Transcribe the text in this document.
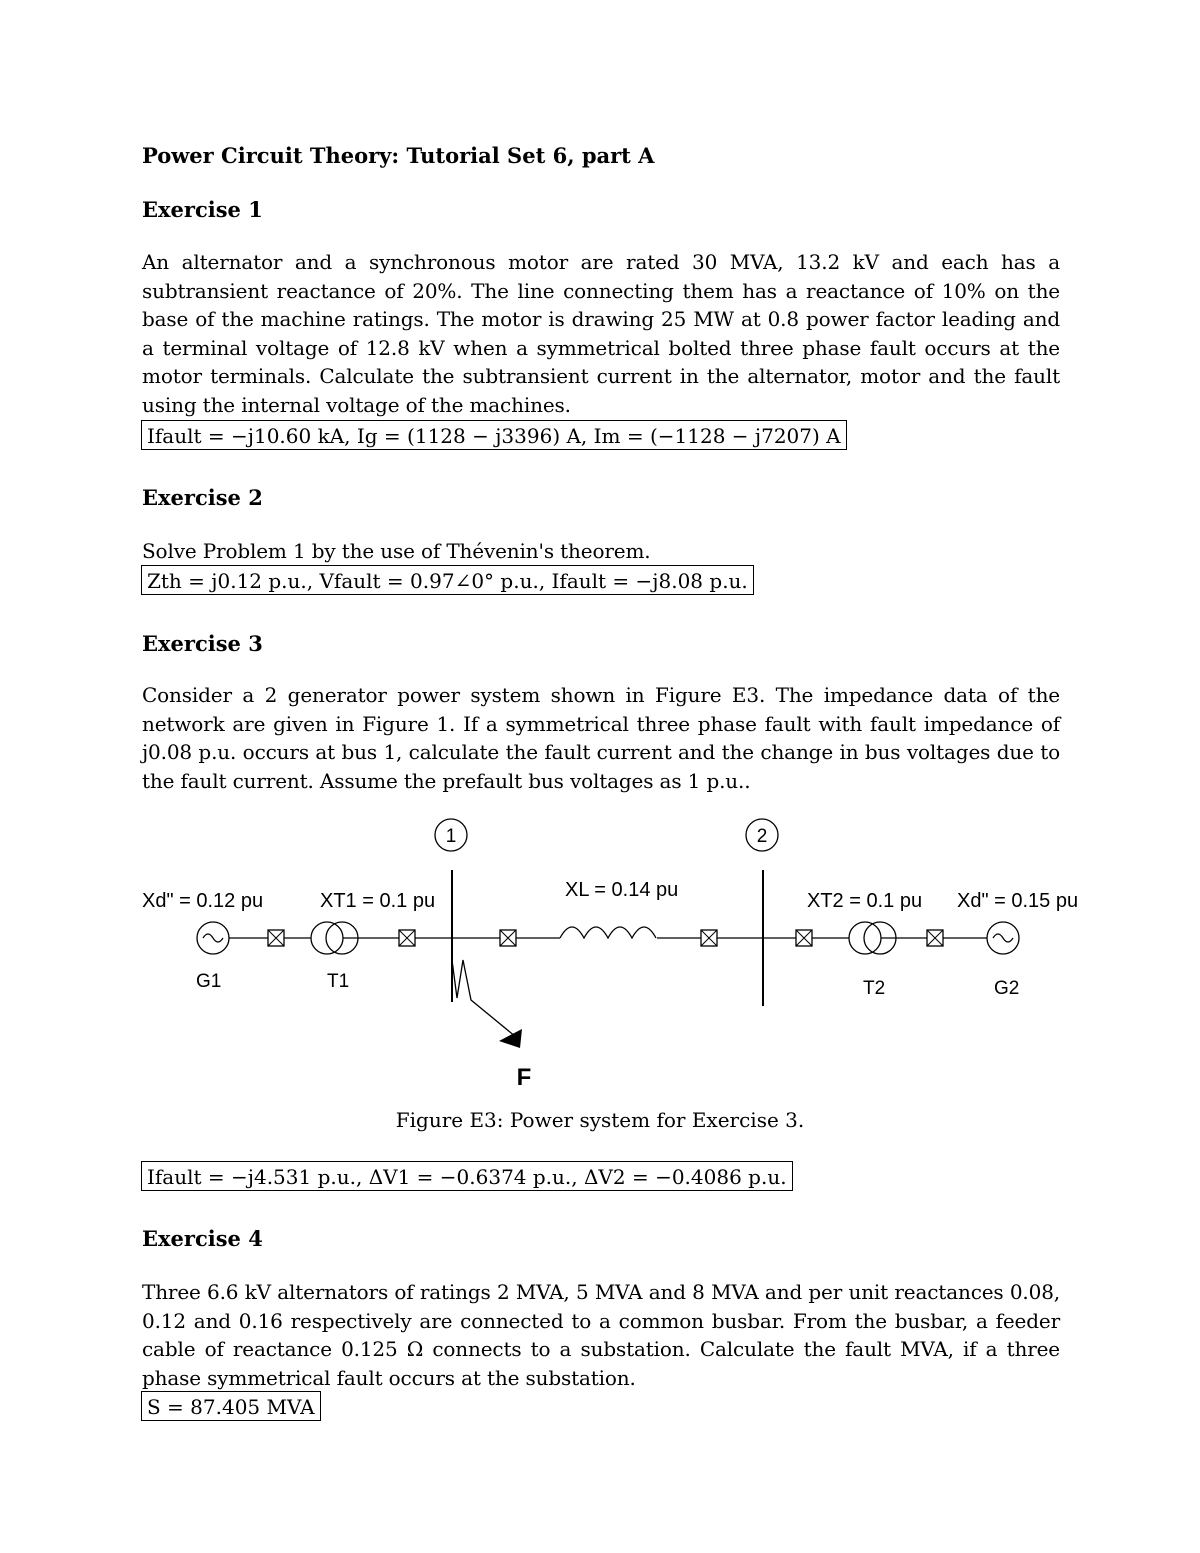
Power Circuit Theory: Tutorial Set 6, part A
Exercise 1
An alternator and a synchronous motor are rated 30 MVA, 13.2 kV and each has a subtransient reactance of 20%. The line connecting them has a reactance of 10% on the base of the machine ratings. The motor is drawing 25 MW at 0.8 power factor leading and a terminal voltage of 12.8 kV when a symmetrical bolted three phase fault occurs at the motor terminals. Calculate the subtransient current in the alternator, motor and the fault using the internal voltage of the machines.
Ifault = −j10.60 kA, Ig = (1128 − j3396) A, Im = (−1128 − j7207) A
Exercise 2
Solve Problem 1 by the use of Thévenin's theorem.
Zth = j0.12 p.u., Vfault = 0.97∠0° p.u., Ifault = −j8.08 p.u.
Exercise 3
Consider a 2 generator power system shown in Figure E3. The impedance data of the network are given in Figure 1. If a symmetrical three phase fault with fault impedance of j0.08 p.u. occurs at bus 1, calculate the fault current and the change in bus voltages due to the fault current. Assume the prefault bus voltages as 1 p.u..
1	2
F
Xd" = 0.12 pu	XT1 = 0.1 pu	XL = 0.14 pu	XT2 = 0.1 pu Xd" = 0.15 pu
G1	T1	T2	G2
Figure E3: Power system for Exercise 3.
Ifault = −j4.531 p.u., ΔV1 = −0.6374 p.u., ΔV2 = −0.4086 p.u.
Exercise 4
Three 6.6 kV alternators of ratings 2 MVA, 5 MVA and 8 MVA and per unit reactances 0.08, 0.12 and 0.16 respectively are connected to a common busbar. From the busbar, a feeder cable of reactance 0.125 Ω connects to a substation. Calculate the fault MVA, if a three phase symmetrical fault occurs at the substation.
S = 87.405 MVA
